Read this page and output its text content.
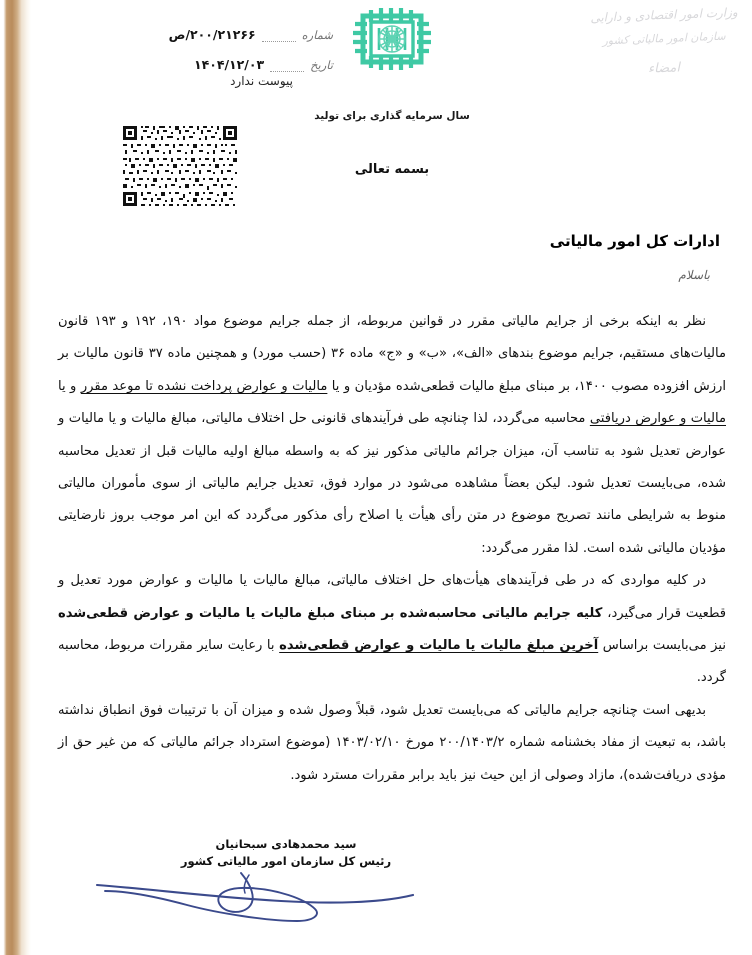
شماره
۲۰۰/۲۱۲۶۶/ص
تاریخ
۱۴۰۴/۱۲/۰۳
پیوست ندارد
سال سرمایه گذاری برای تولید
بسمه تعالی
وزارت امور اقتصادی و دارایی
سازمان امور مالیاتی کشور
امضاء
ادارات کل امور مالیاتی
باسلام

نظر به اینکه برخی از جرایم مالیاتی مقرر در قوانین مربوطه، از جمله جرایم موضوع مواد ۱۹۰، ۱۹۲ و ۱۹۳ قانون مالیات‌های مستقیم، جرایم موضوع بندهای «الف»، «ب» و «ج» ماده ۳۶ (حسب مورد) و همچنین ماده ۳۷ قانون مالیات بر ارزش افزوده مصوب ۱۴۰۰، بر مبنای مبلغ مالیات قطعی‌شده مؤدیان و یا مالیات و عوارض پرداخت نشده تا موعد مقرر و یا مالیات و عوارض دریافتی محاسبه می‌گردد، لذا چنانچه طی فرآیندهای قانونی حل اختلاف مالیاتی، مبالغ مالیات و یا مالیات و عوارض تعدیل شود به تناسب آن، میزان جرائم مالیاتی مذکور نیز که به واسطه مبالغ اولیه مالیات قبل از تعدیل محاسبه شده، می‌بایست تعدیل شود. لیکن بعضاً مشاهده می‌شود در موارد فوق، تعدیل جرایم مالیاتی از سوی مأموران مالیاتی منوط به شرایطی مانند تصریح موضوع در متن رأی هیأت یا اصلاح رأی مذکور می‌گردد که این امر موجب بروز نارضایتی مؤدیان مالیاتی شده است. لذا مقرر می‌گردد:

در کلیه مواردی که در طی فرآیندهای هیأت‌های حل اختلاف مالیاتی، مبالغ مالیات یا مالیات و عوارض مورد تعدیل و قطعیت قرار می‌گیرد، کلیه جرایم مالیاتی محاسبه‌شده بر مبنای مبلغ مالیات یا مالیات و عوارض قطعی‌شده نیز می‌بایست براساس آخرین مبلغ مالیات یا مالیات و عوارض قطعی‌شده با رعایت سایر مقررات مربوط، محاسبه گردد.

بدیهی است چنانچه جرایم مالیاتی که می‌بایست تعدیل شود، قبلاً وصول شده و میزان آن با ترتیبات فوق انطباق نداشته باشد، به تبعیت از مفاد بخشنامه شماره ۲۰۰/۱۴۰۳/۲ مورخ ۱۴۰۳/۰۲/۱۰ (موضوع استرداد جرائم مالیاتی که من غیر حق از مؤدی دریافت‌شده)، مازاد وصولی از این حیث نیز باید برابر مقررات مسترد شود.

سید محمدهادی سبحانیان
رئیس کل سازمان امور مالیاتی کشور
